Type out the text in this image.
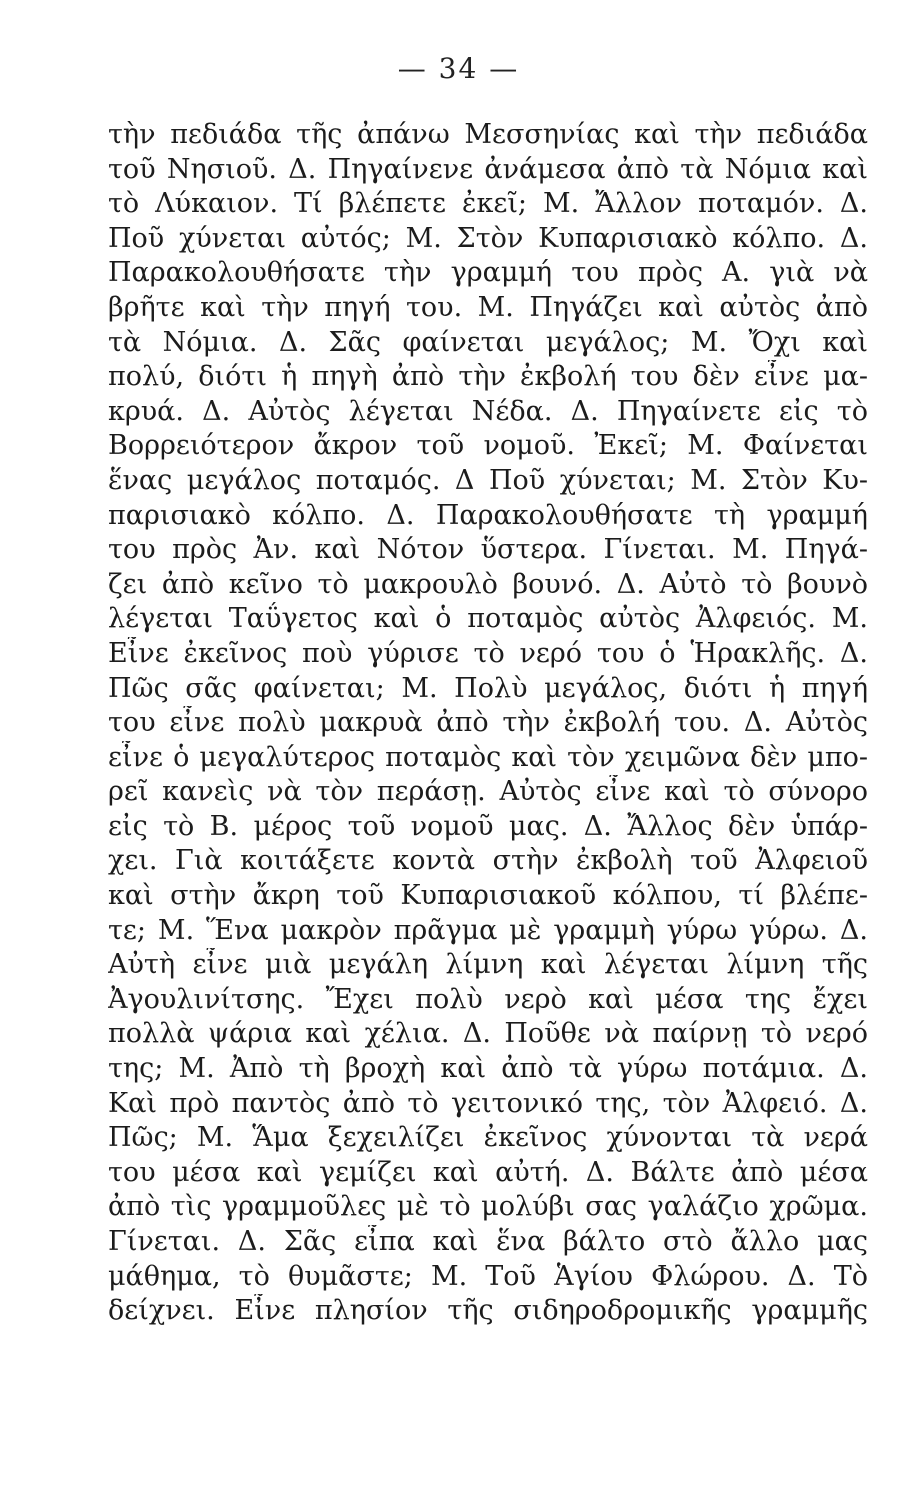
— 34 —
τὴν πεδιάδα τῆς ἀπάνω Μεσσηνίας καὶ τὴν πεδιάδα
τοῦ Νησιοῦ. Δ. Πηγαίνενε ἀνάμεσα ἀπὸ τὰ Νόμια καὶ
τὸ Λύκαιον. Τί βλέπετε ἐκεῖ; Μ. Ἄλλον ποταμόν. Δ.
Ποῦ χύνεται αὐτός; Μ. Στὸν Κυπαρισιακὸ κόλπο. Δ.
Παρακολουθήσατε τὴν γραμμή του πρὸς Α. γιὰ νὰ
βρῆτε καὶ τὴν πηγή του. Μ. Πηγάζει καὶ αὐτὸς ἀπὸ
τὰ Νόμια. Δ. Σᾶς φαίνεται μεγάλος; Μ. Ὄχι καὶ
πολύ, διότι ἡ πηγὴ ἀπὸ τὴν ἐκβολή του δὲν εἶνε μα-
κρυά. Δ. Αὐτὸς λέγεται Νέδα. Δ. Πηγαίνετε εἰς τὸ
Βορρειότερον ἄκρον τοῦ νομοῦ. Ἐκεῖ; Μ. Φαίνεται
ἕνας μεγάλος ποταμός. Δ Ποῦ χύνεται; Μ. Στὸν Κυ-
παρισιακὸ κόλπο. Δ. Παρακολουθήσατε τὴ γραμμή
του πρὸς Ἀν. καὶ Νότον ὕστερα. Γίνεται. Μ. Πηγά-
ζει ἀπὸ κεῖνο τὸ μακρουλὸ βουνό. Δ. Αὐτὸ τὸ βουνὸ
λέγεται Ταΰγετος καὶ ὁ ποταμὸς αὐτὸς Ἀλφειός. Μ.
Εἶνε ἐκεῖνος ποὺ γύρισε τὸ νερό του ὁ Ἡρακλῆς. Δ.
Πῶς σᾶς φαίνεται; Μ. Πολὺ μεγάλος, διότι ἡ πηγή
του εἶνε πολὺ μακρυὰ ἀπὸ τὴν ἐκβολή του. Δ. Αὐτὸς
εἶνε ὁ μεγαλύτερος ποταμὸς καὶ τὸν χειμῶνα δὲν μπο-
ρεῖ κανεὶς νὰ τὸν περάσῃ. Αὐτὸς εἶνε καὶ τὸ σύνορο
εἰς τὸ Β. μέρος τοῦ νομοῦ μας. Δ. Ἄλλος δὲν ὑπάρ-
χει. Γιὰ κοιτάξετε κοντὰ στὴν ἐκβολὴ τοῦ Ἀλφειοῦ
καὶ στὴν ἄκρη τοῦ Κυπαρισιακοῦ κόλπου, τί βλέπε-
τε; Μ. Ἕνα μακρὸν πρᾶγμα μὲ γραμμὴ γύρω γύρω. Δ.
Αὐτὴ εἶνε μιὰ μεγάλη λίμνη καὶ λέγεται λίμνη τῆς
Ἀγουλινίτσης. Ἔχει πολὺ νερὸ καὶ μέσα της ἔχει
πολλὰ ψάρια καὶ χέλια. Δ. Ποῦθε νὰ παίρνῃ τὸ νερό
της; Μ. Ἀπὸ τὴ βροχὴ καὶ ἀπὸ τὰ γύρω ποτάμια. Δ.
Καὶ πρὸ παντὸς ἀπὸ τὸ γειτονικό της, τὸν Ἀλφειό. Δ.
Πῶς; Μ. Ἅμα ξεχειλίζει ἐκεῖνος χύνονται τὰ νερά
του μέσα καὶ γεμίζει καὶ αὐτή. Δ. Βάλτε ἀπὸ μέσα
ἀπὸ τὶς γραμμοῦλες μὲ τὸ μολύβι σας γαλάζιο χρῶμα.
Γίνεται. Δ. Σᾶς εἶπα καὶ ἕνα βάλτο στὸ ἄλλο μας
μάθημα, τὸ θυμᾶστε; Μ. Τοῦ Ἁγίου Φλώρου. Δ. Τὸ
δείχνει. Εἶνε πλησίον τῆς σιδηροδρομικῆς γραμμῆς
